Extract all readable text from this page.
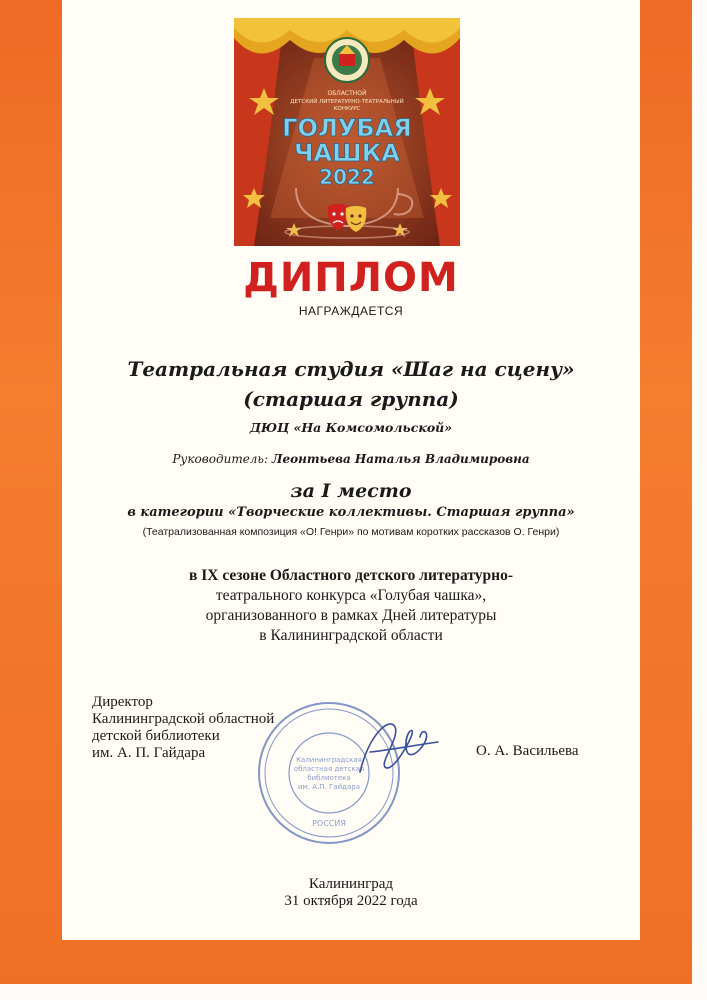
ОБЛАСТНОЙ
ДЕТСКИЙ ЛИТЕРАТУРНО-ТЕАТРАЛЬНЫЙ
КОНКУРС
ГОЛУБАЯ
ЧАШКА
2022
ДИПЛОМ

НАГРАЖДАЕТСЯ

Театральная студия «Шаг на сцену»

(старшая группа)

ДЮЦ «На Комсомольской»

Руководитель: Леонтьева Наталья Владимировна

за I место

в категории «Творческие коллективы. Старшая группа»

(Театрализованная композиция «О! Генри» по мотивам коротких рассказов О. Генри)

в IX сезоне Областного детского литературно-

театрального конкурса «Голубая чашка»,

организованного в рамках Дней литературы

в Калининградской области

Директор
Калининградской областной
детской библиотеки
им. А. П. Гайдара	Калининградская
областная детская
библиотека
им. А.П. Гайдара
РОССИЯ
О. А. Васильева

Калининград

31 октября 2022 года
